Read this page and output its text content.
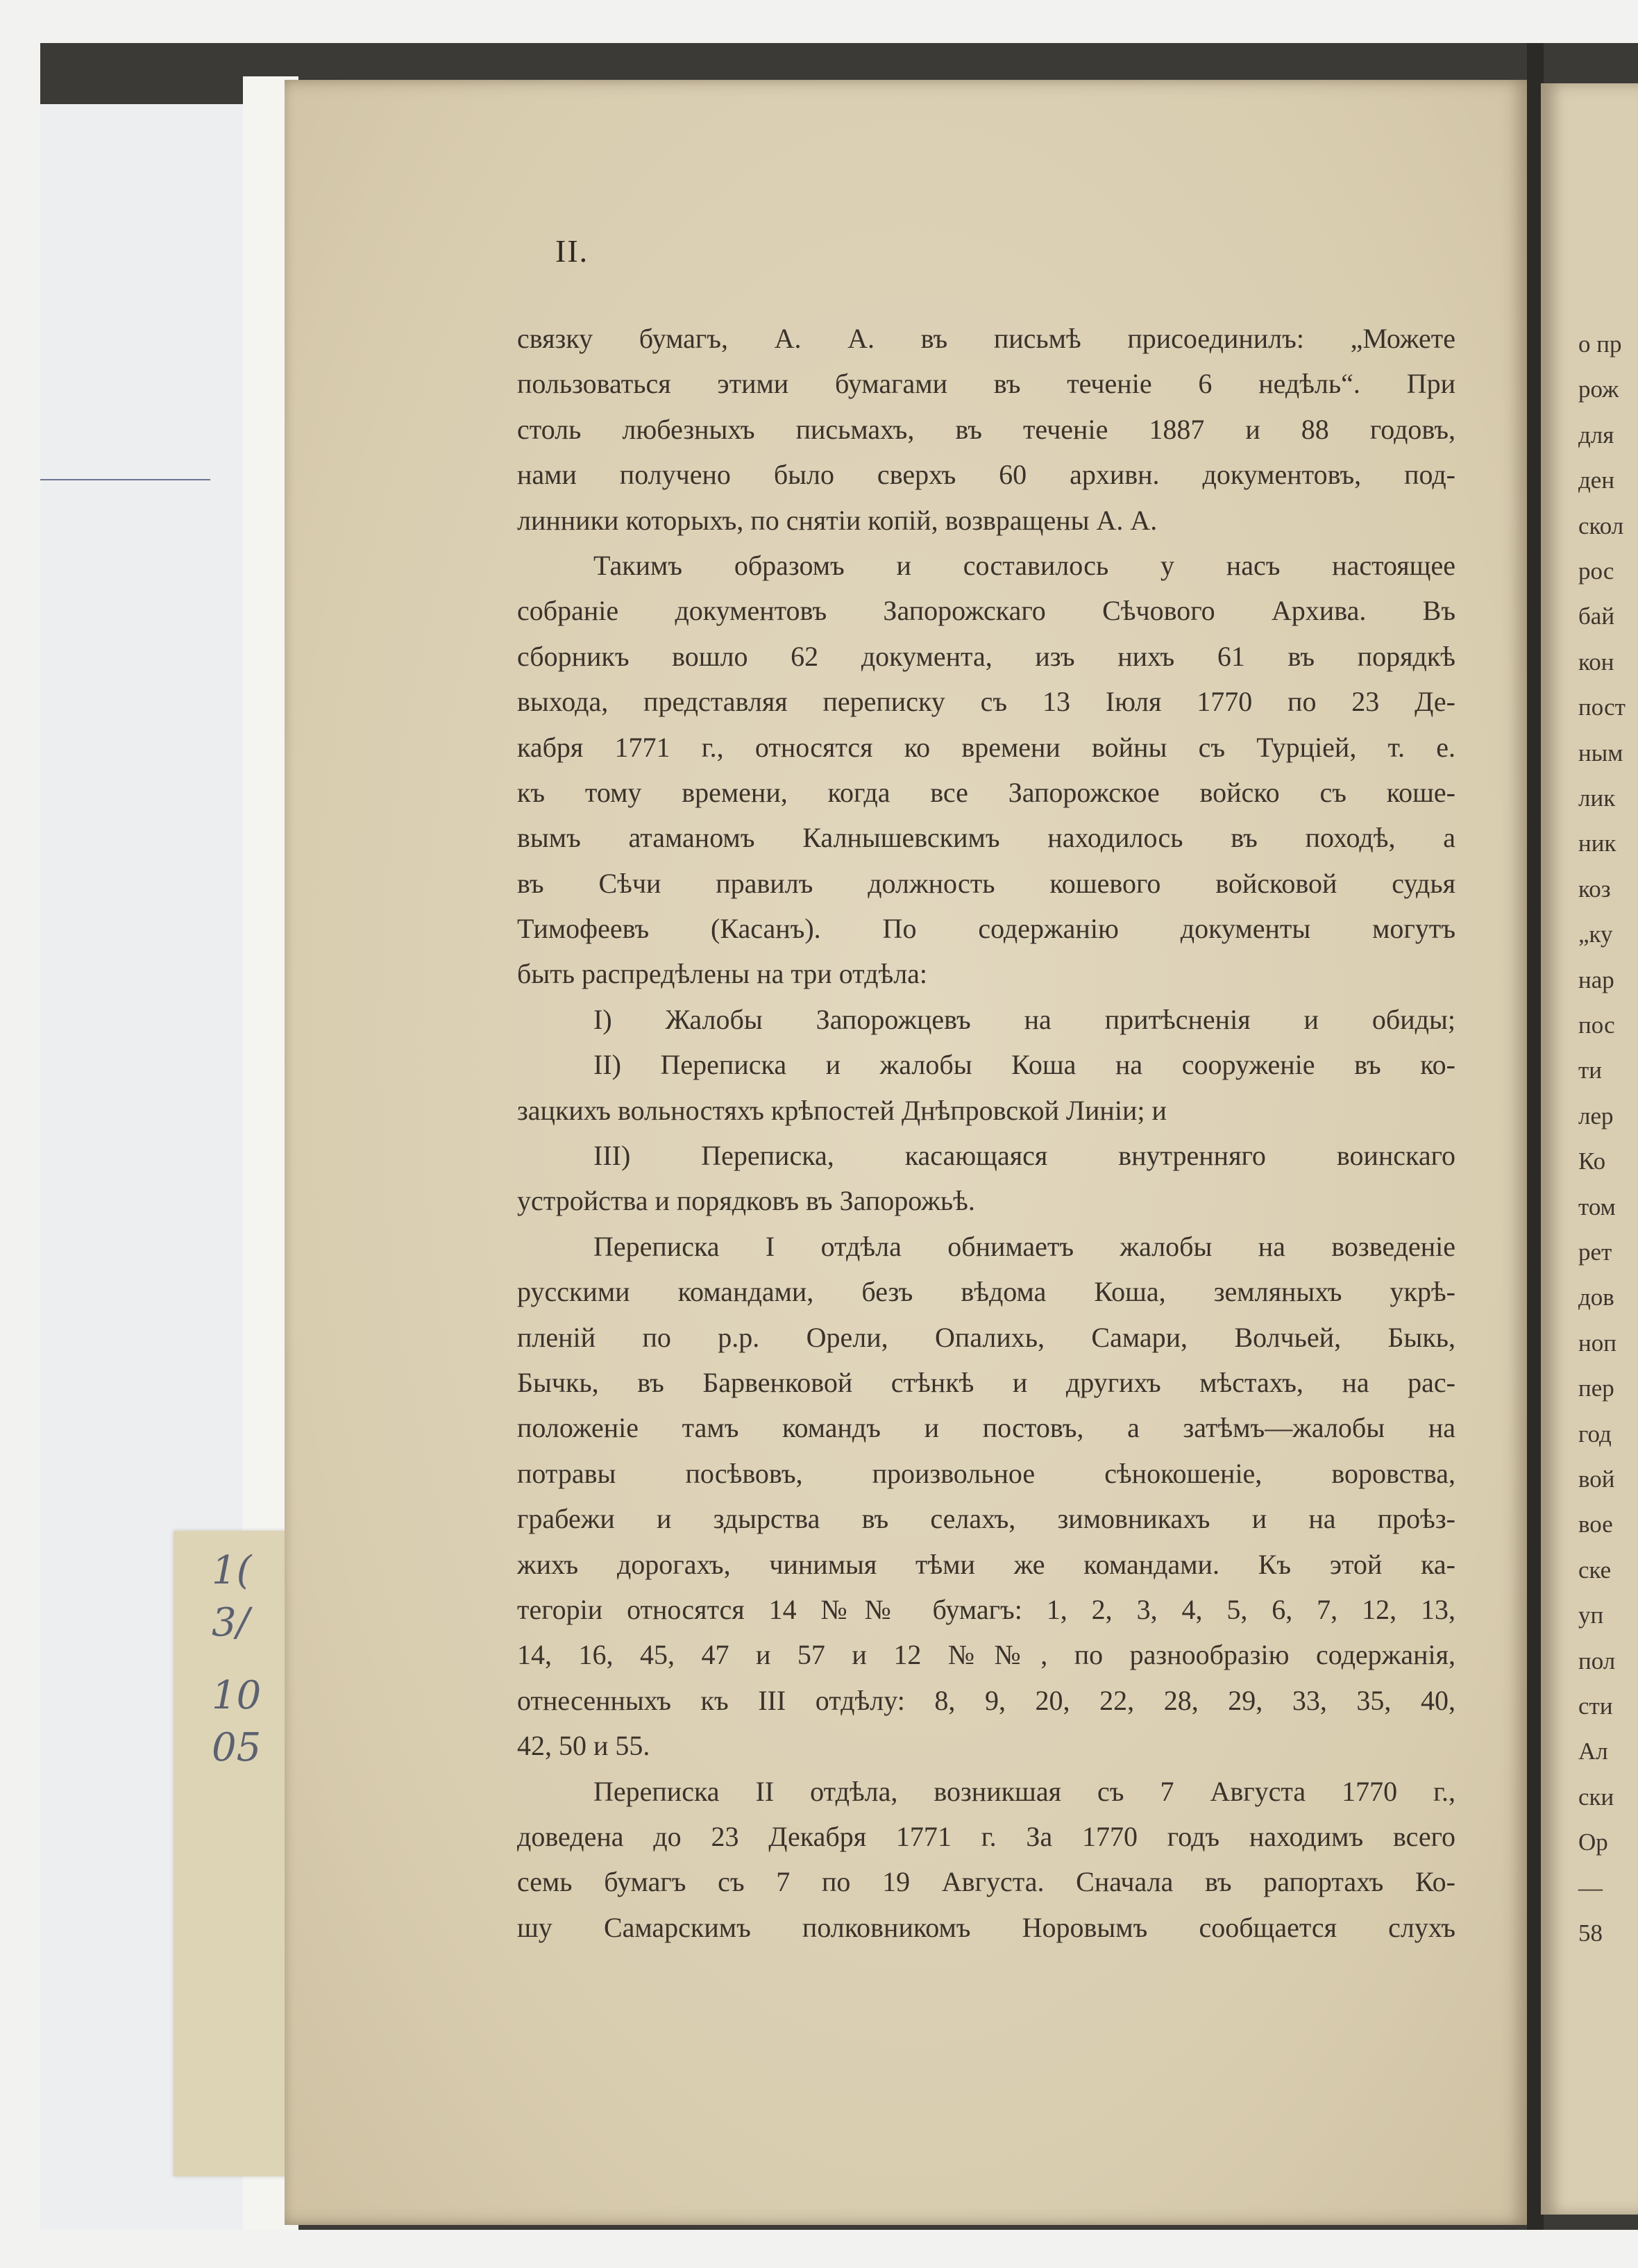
1(
3/
10
05
о пр
рож
для
ден
скол
рос
бай
кон
пост
ным
лик
ник
коз
„ку
нар
пос
ти
лер
Ко
том
рет
дов
ноп
пер
год
вой
вое
ске
уп
пол
сти
Ал
ски
Ор
—
58
II.
связку бумагъ, А. А. въ письмѣ присоединилъ: „Можете
пользоваться этими бумагами въ теченіе 6 недѣль“. При
столь любезныхъ письмахъ, въ теченіе 1887 и 88 годовъ,
нами получено было сверхъ 60 архивн. документовъ, под-
линники которыхъ, по снятіи копій, возвращены А. А.
Такимъ образомъ и составилось у насъ настоящее
собраніе документовъ Запорожскаго Сѣчового Архива. Въ
сборникъ вошло 62 документа, изъ нихъ 61 въ порядкѣ
выхода, представляя переписку съ 13 Іюля 1770 по 23 Де-
кабря 1771 г., относятся ко времени войны съ Турціей, т. е.
къ тому времени, когда все Запорожское войско съ коше-
вымъ атаманомъ Калнышевскимъ находилось въ походѣ, а
въ Сѣчи правилъ должность кошевого войсковой судья
Тимофеевъ (Касанъ). По содержанію документы могутъ
быть распредѣлены на три отдѣла:
І) Жалобы Запорожцевъ на притѣсненія и обиды;
ІІ) Переписка и жалобы Коша на сооруженіе въ ко-
зацкихъ вольностяхъ крѣпостей Днѣпровской Линіи; и
ІІІ) Переписка, касающаяся внутренняго воинскаго
устройства и порядковъ въ Запорожьѣ.
Переписка І отдѣла обнимаетъ жалобы на возведеніе
русскими командами, безъ вѣдома Коша, земляныхъ укрѣ-
пленій по р.р. Орели, Опалихь, Самари, Волчьей, Быкь,
Бычкь, въ Барвенковой стѣнкѣ и другихъ мѣстахъ, на рас-
положеніе тамъ командъ и постовъ, а затѣмъ—жалобы на
потравы посѣвовъ, произвольное сѣнокошеніе, воровства,
грабежи и здырства въ селахъ, зимовникахъ и на проѣз-
жихъ дорогахъ, чинимыя тѣми же командами. Къ этой ка-
тегоріи относятся 14 №№ бумагъ: 1, 2, 3, 4, 5, 6, 7, 12, 13,
14, 16, 45, 47 и 57 и 12 №№, по разнообразію содержанія,
отнесенныхъ къ III отдѣлу: 8, 9, 20, 22, 28, 29, 33, 35, 40,
42, 50 и 55.
Переписка ІІ отдѣла, возникшая съ 7 Августа 1770 г.,
доведена до 23 Декабря 1771 г. За 1770 годъ находимъ всего
семь бумагъ съ 7 по 19 Августа. Сначала въ рапортахъ Ко-
шу Самарскимъ полковникомъ Норовымъ сообщается слухъ
